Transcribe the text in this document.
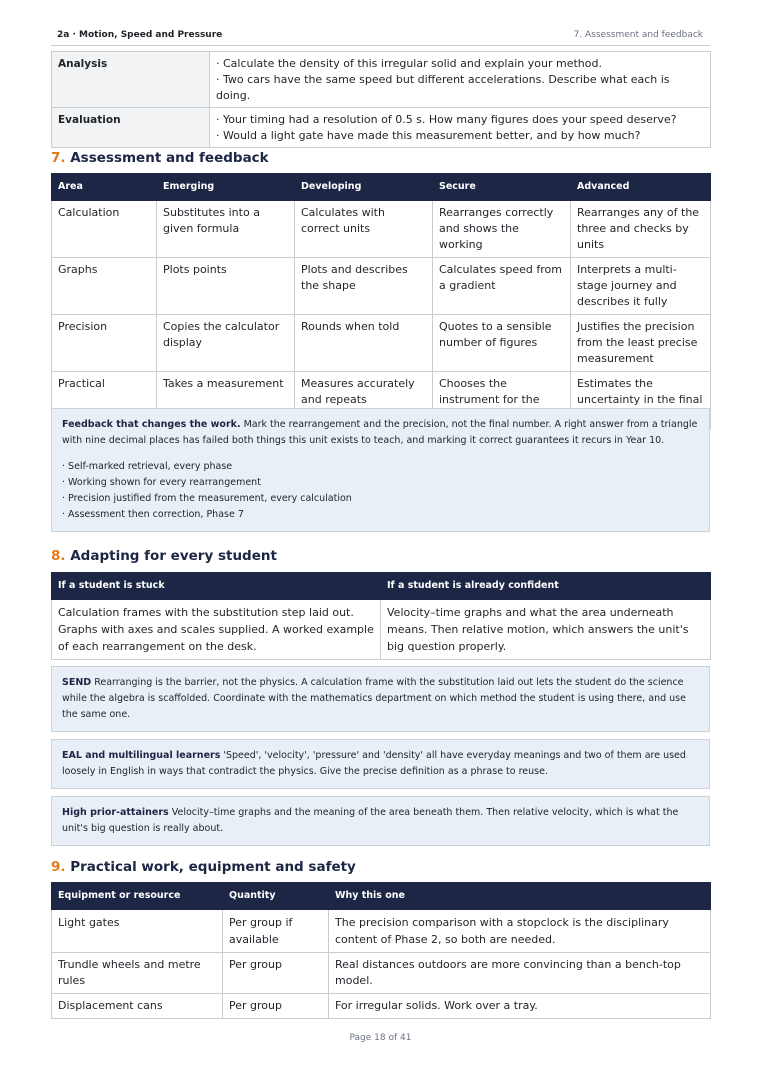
2a · Motion, Speed and Pressure	7. Assessment and feedback
Analysis	· Calculate the density of this irregular solid and explain your method.
· Two cars have the same speed but different accelerations. Describe what each is doing.

Evaluation	· Your timing had a resolution of 0.5 s. How many figures does your speed deserve?
· Would a light gate have made this measurement better, and by how much?
7. Assessment and feedback
Area	Emerging	Developing	Secure	Advanced
Calculation	Substitutes into a given formula	Calculates with correct units	Rearranges correctly and shows the working	Rearranges any of the three and checks by units
Graphs	Plots points	Plots and describes the shape	Calculates speed from a gradient	Interprets a multi-stage journey and describes it fully
Precision	Copies the calculator display	Rounds when told	Quotes to a sensible number of figures	Justifies the precision from the least precise measurement
Practical	Takes a measurement	Measures accurately and repeats	Chooses the instrument for the	Estimates the uncertainty in the final
Feedback that changes the work. Mark the rearrangement and the precision, not the final number. A right answer from a triangle with nine decimal places has failed both things this unit exists to teach, and marking it correct guarantees it recurs in Year 10.
· Self-marked retrieval, every phase
· Working shown for every rearrangement
· Precision justified from the measurement, every calculation
· Assessment then correction, Phase 7
8. Adapting for every student
If a student is stuck	If a student is already confident
Calculation frames with the substitution step laid out. Graphs with axes and scales supplied. A worked example of each rearrangement on the desk.	Velocity–time graphs and what the area underneath means. Then relative motion, which answers the unit's big question properly.
SEND Rearranging is the barrier, not the physics. A calculation frame with the substitution laid out lets the student do the science while the algebra is scaffolded. Coordinate with the mathematics department on which method the student is using there, and use the same one.
EAL and multilingual learners 'Speed', 'velocity', 'pressure' and 'density' all have everyday meanings and two of them are used loosely in English in ways that contradict the physics. Give the precise definition as a phrase to reuse.
High prior-attainers Velocity–time graphs and the meaning of the area beneath them. Then relative velocity, which is what the unit's big question is really about.
9. Practical work, equipment and safety
Equipment or resource	Quantity	Why this one
Light gates	Per group if available	The precision comparison with a stopclock is the disciplinary content of Phase 2, so both are needed.
Trundle wheels and metre rules	Per group	Real distances outdoors are more convincing than a bench-top model.
Displacement cans	Per group	For irregular solids. Work over a tray.
Page 18 of 41
